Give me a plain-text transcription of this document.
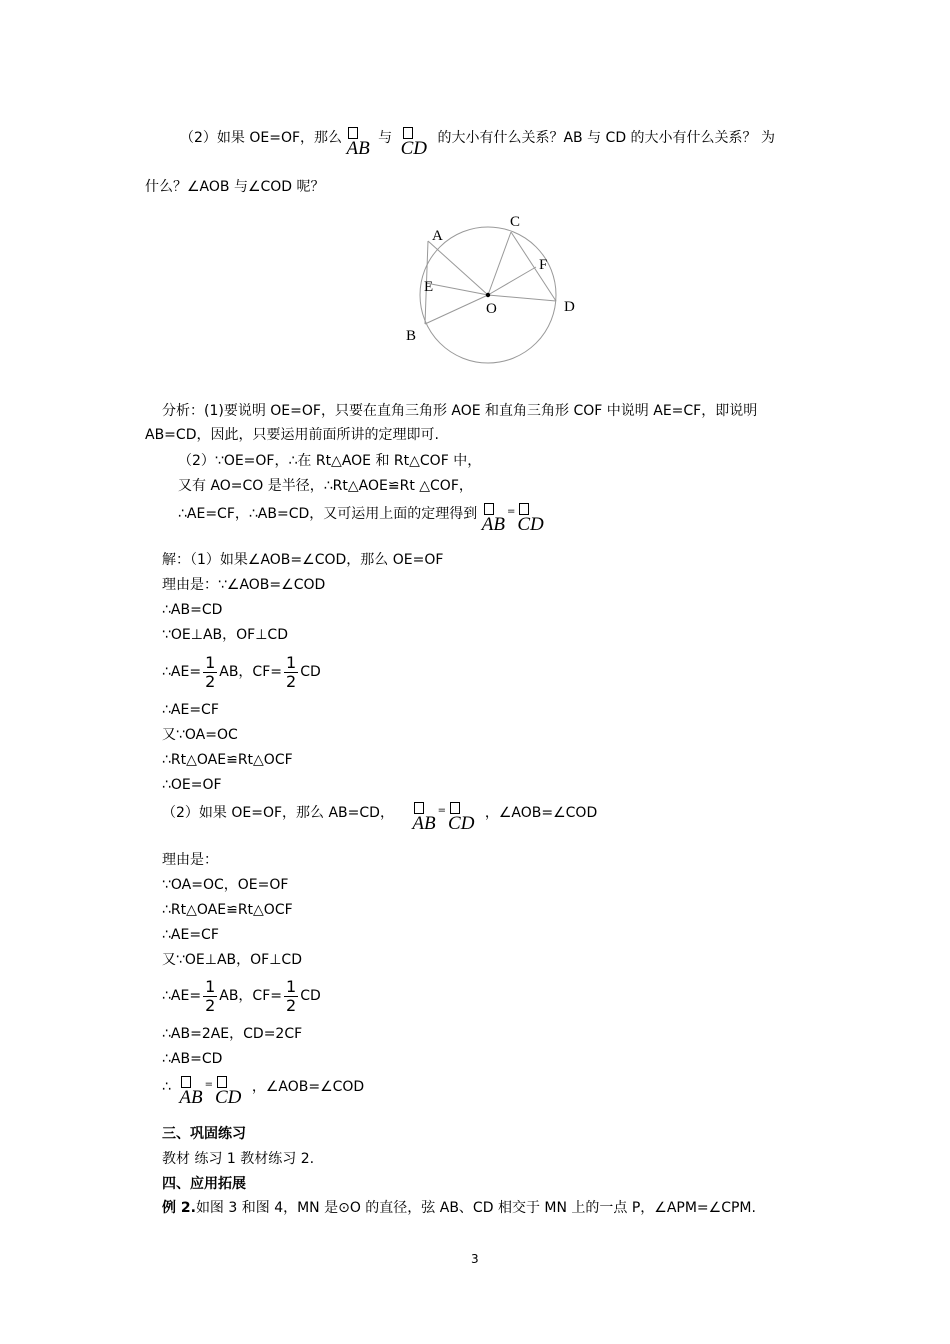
（2）如果 OE=OF，那么 AB 与 CD 的大小有什么关系？AB 与 CD 的大小有什么关系？ 为
什么？∠AOB 与∠COD 呢？
A
B
C
D
E
F
O
分析：(1)要说明 OE=OF，只要在直角三角形 AOE 和直角三角形 COF 中说明 AE=CF，即说明
AB=CD，因此，只要运用前面所讲的定理即可.
（2）∵OE=OF，∴在 Rt△AOE 和 Rt△COF 中，
又有 AO=CO 是半径，∴Rt△AOE≌Rt △COF，
∴AE=CF，∴AB=CD，又可运用上面的定理得到 AB=
CD
解：（1）如果∠AOB=∠COD，那么 OE=OF
理由是：∵∠AOB=∠COD
∴AB=CD
∵OE⊥AB，OF⊥CD
∴AE= $\frac{1}{2}$ AB，$CF= \frac{1}{2}$ CD
∴AE=CF
又∵OA=OC
∴Rt△OAE≌Rt△OCF
∴OE=OF
（2）如果 OE=OF，那么 AB=CD， AB=
CD ，∠AOB=∠COD
理由是：
∵OA=OC，OE=OF
∴Rt△OAE≌Rt△OCF
∴AE=CF
又∵OE⊥AB，OF⊥CD
∴AE= $\frac{1}{2}$ AB，$CF= \frac{1}{2}$ CD
∴AB=2AE，CD=2CF
∴AB=CD
∴ AB=
CD ，∠AOB=∠COD
三、巩固练习
教材 练习 1 教材练习 2.
四、应用拓展
例 2.如图 3 和图 4，MN 是⊙O 的直径，弦 AB、CD 相交于 MN 上的一点 P，∠APM=∠CPM.
3
